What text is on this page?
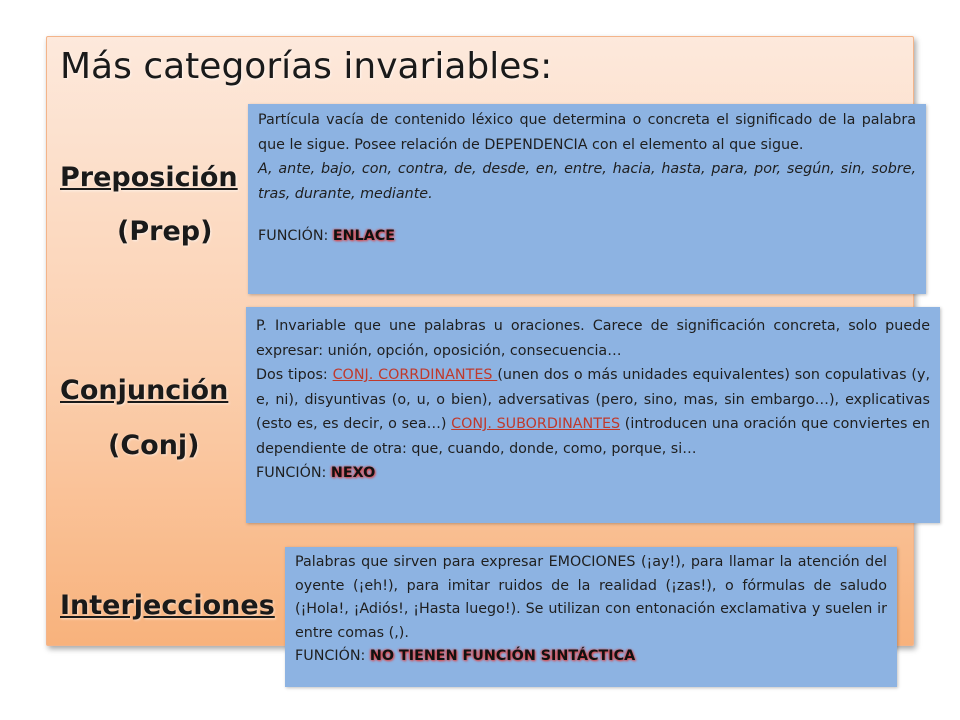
Más categorías invariables:
Preposición
(Prep)
Conjunción
(Conj)
Interjecciones

Partícula vacía de contenido léxico que determina o concreta el significado de la palabra que le sigue. Posee relación de DEPENDENCIA con el elemento al que sigue.

A, ante, bajo, con, contra, de, desde, en, entre, hacia, hasta, para, por, según, sin, sobre, tras, durante, mediante.

FUNCIÓN: ENLACE

P. Invariable que une palabras u oraciones. Carece de significación concreta, solo puede expresar: unión, opción, oposición, consecuencia…

Dos tipos: CONJ. CORRDINANTES (unen dos o más unidades equivalentes) son copulativas (y, e, ni), disyuntivas (o, u, o bien), adversativas (pero, sino, mas, sin embargo…), explicativas (esto es, es decir, o sea…) CONJ. SUBORDINANTES (introducen una oración que conviertes en dependiente de otra: que, cuando, donde, como, porque, si…

FUNCIÓN: NEXO

Palabras que sirven para expresar EMOCIONES (¡ay!), para llamar la atención del oyente (¡eh!), para imitar ruidos de la realidad (¡zas!), o fórmulas de saludo (¡Hola!, ¡Adiós!, ¡Hasta luego!). Se utilizan con entonación exclamativa y suelen ir entre comas (,).

FUNCIÓN: NO TIENEN FUNCIÓN SINTÁCTICA
